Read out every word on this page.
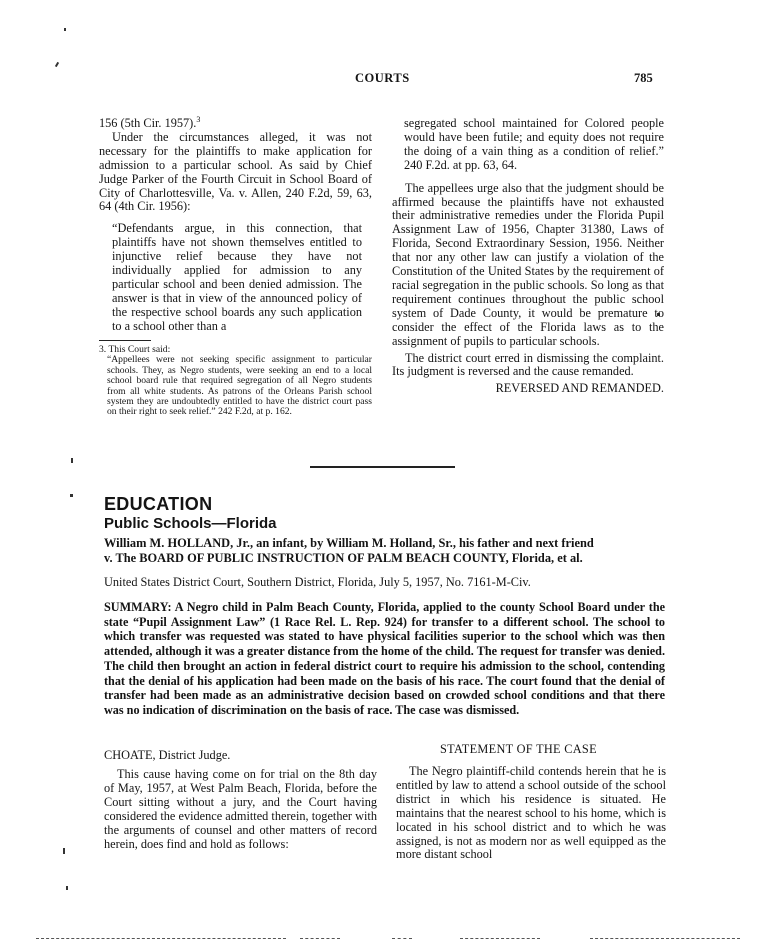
COURTS	785

156 (5th Cir. 1957).$^3$

Under the circumstances alleged, it was not necessary for the plaintiffs to make application for admission to a particular school. As said by Chief Judge Parker of the Fourth Circuit in School Board of City of Charlottesville, Va. v. Allen, 240 F.2d, 59, 63, 64 (4th Cir. 1956):

“Defendants argue, in this connection, that plaintiffs have not shown themselves entitled to injunctive relief because they have not individually applied for admission to any particular school and been denied admission. The answer is that in view of the announced policy of the respective school boards any such application to a school other than a

3. This Court said:

“Appellees were not seeking specific assignment to particular schools. They, as Negro students, were seeking an end to a local school board rule that required segregation of all Negro students from all white students. As patrons of the Orleans Parish school system they are undoubtedly entitled to have the district court pass on their right to seek relief.” 242 F.2d, at p. 162.

segregated school maintained for Colored people would have been futile; and equity does not require the doing of a vain thing as a condition of relief.” 240 F.2d. at pp. 63, 64.

The appellees urge also that the judgment should be affirmed because the plaintiffs have not exhausted their administrative remedies under the Florida Pupil Assignment Law of 1956, Chapter 31380, Laws of Florida, Second Extraordinary Session, 1956. Neither that nor any other law can justify a violation of the Constitution of the United States by the requirement of racial segregation in the public schools. So long as that requirement continues throughout the public school system of Dade County, it would be premature to consider the effect of the Florida laws as to the assignment of pupils to particular schools.

The district court erred in dismissing the complaint. Its judgment is reversed and the cause remanded.

REVERSED AND REMANDED.

EDUCATION
Public Schools—Florida
William M. HOLLAND, Jr., an infant, by William M. Holland, Sr., his father and next friend
v. The BOARD OF PUBLIC INSTRUCTION OF PALM BEACH COUNTY, Florida, et al.
United States District Court, Southern District, Florida, July 5, 1957, No. 7161-M-Civ.

SUMMARY: A Negro child in Palm Beach County, Florida, applied to the county School Board under the state “Pupil Assignment Law” (1 Race Rel. L. Rep. 924) for transfer to a different school. The school to which transfer was requested was stated to have physical facilities superior to the school which was then attended, although it was a greater distance from the home of the child. The request for transfer was denied. The child then brought an action in federal district court to require his admission to the school, contending that the denial of his application had been made on the basis of his race. The court found that the denial of transfer had been made as an administrative decision based on crowded school conditions and that there was no indication of discrimination on the basis of race. The case was dismissed.

CHOATE, District Judge.	STATEMENT OF THE CASE

This cause having come on for trial on the 8th day of May, 1957, at West Palm Beach, Florida, before the Court sitting without a jury, and the Court having considered the evidence admitted therein, together with the arguments of counsel and other matters of record herein, does find and hold as follows:

The Negro plaintiff-child contends herein that he is entitled by law to attend a school outside of the school district in which his residence is situated. He maintains that the nearest school to his home, which is located in his school district and to which he was assigned, is not as modern nor as well equipped as the more distant school
